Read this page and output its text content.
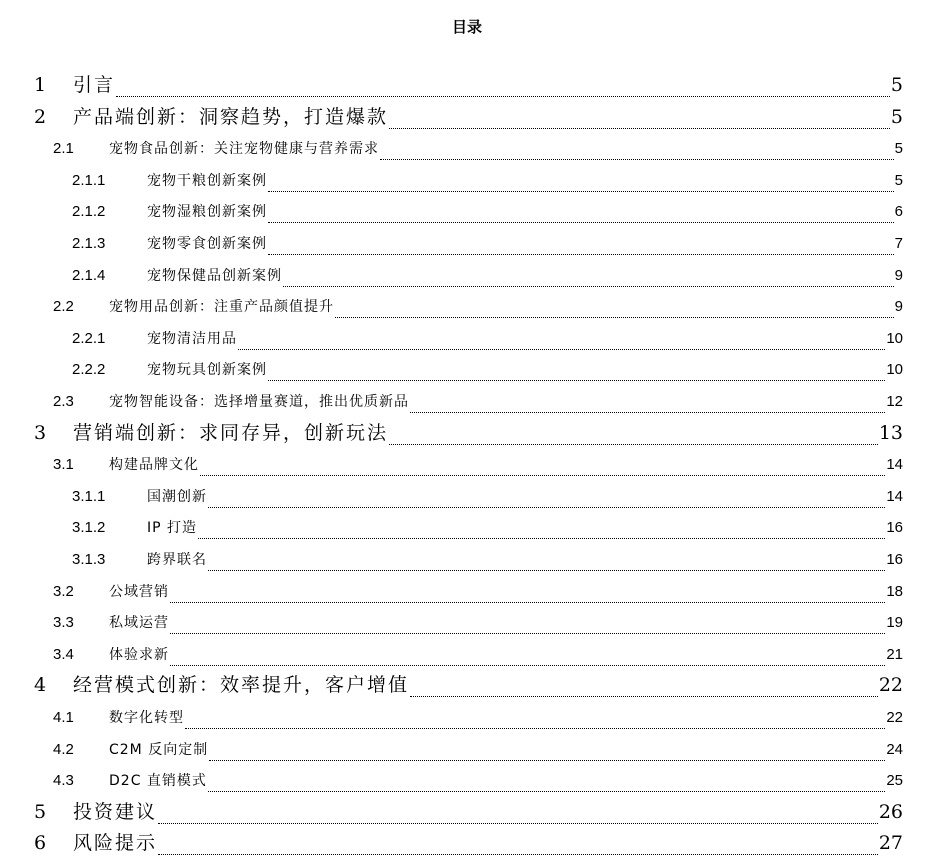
目录
1	引言	5
2	产品端创新：洞察趋势，打造爆款	5
2.1	宠物食品创新：关注宠物健康与营养需求	5
2.1.1	宠物干粮创新案例	5
2.1.2	宠物湿粮创新案例	6
2.1.3	宠物零食创新案例	7
2.1.4	宠物保健品创新案例	9
2.2	宠物用品创新：注重产品颜值提升	9
2.2.1	宠物清洁用品	10
2.2.2	宠物玩具创新案例	10
2.3	宠物智能设备：选择增量赛道，推出优质新品	12
3	营销端创新：求同存异，创新玩法	13
3.1	构建品牌文化	14
3.1.1	国潮创新	14
3.1.2	IP 打造	16
3.1.3	跨界联名	16
3.2	公域营销	18
3.3	私域运营	19
3.4	体验求新	21
4	经营模式创新：效率提升，客户增值	22
4.1	数字化转型	22
4.2	C2M 反向定制	24
4.3	D2C 直销模式	25
5	投资建议	26
6	风险提示	27
